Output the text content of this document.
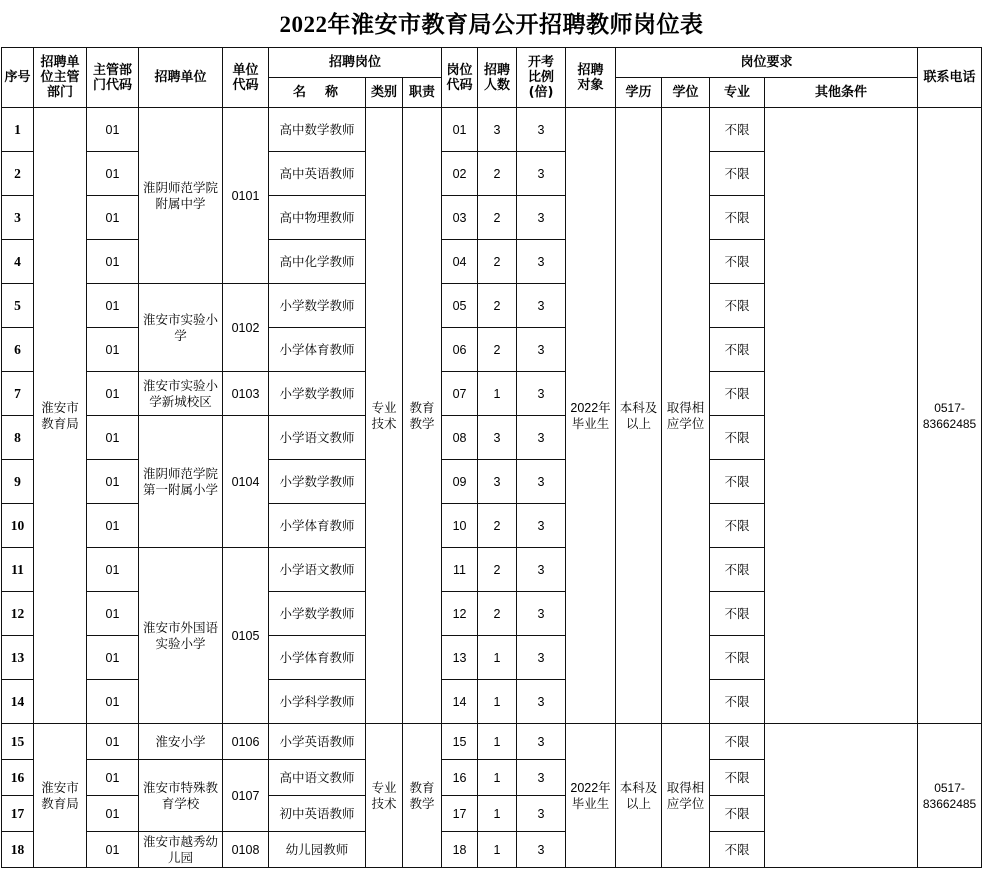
2022年淮安市教育局公开招聘教师岗位表
序号	招聘单位主管部门	主管部门代码	招聘单位	单位代码	招聘岗位			岗位代码	招聘人数	开考比例(倍)	招聘对象	岗位要求				联系电话

					名　称	类别	职责					学历	学位	专业	其他条件	

1	淮安市教育局	01	淮阴师范学院附属中学	0101	高中数学教师	专业技术	教育教学	01	3	3	2022年毕业生	本科及以上	取得相应学位	不限		0517-83662485

2		01			高中英语教师			02	2	3				不限		

3		01			高中物理教师			03	2	3				不限		

4		01			高中化学教师			04	2	3				不限		

5		01	淮安市实验小学	0102	小学数学教师			05	2	3				不限		

6		01			小学体育教师			06	2	3				不限		

7		01	淮安市实验小学新城校区	0103	小学数学教师			07	1	3				不限		

8		01	淮阴师范学院第一附属小学	0104	小学语文教师			08	3	3				不限		

9		01			小学数学教师			09	3	3				不限		

10		01			小学体育教师			10	2	3				不限		

11		01	淮安市外国语实验小学	0105	小学语文教师			11	2	3				不限		

12		01			小学数学教师			12	2	3				不限		

13		01			小学体育教师			13	1	3				不限		

14		01			小学科学教师			14	1	3				不限		

15	淮安市教育局	01	淮安小学	0106	小学英语教师	专业技术	教育教学	15	1	3	2022年毕业生	本科及以上	取得相应学位	不限		0517-83662485

16		01	淮安市特殊教育学校	0107	高中语文教师			16	1	3				不限		

17		01			初中英语教师			17	1	3				不限		

18		01	淮安市越秀幼儿园	0108	幼儿园教师			18	1	3				不限		
